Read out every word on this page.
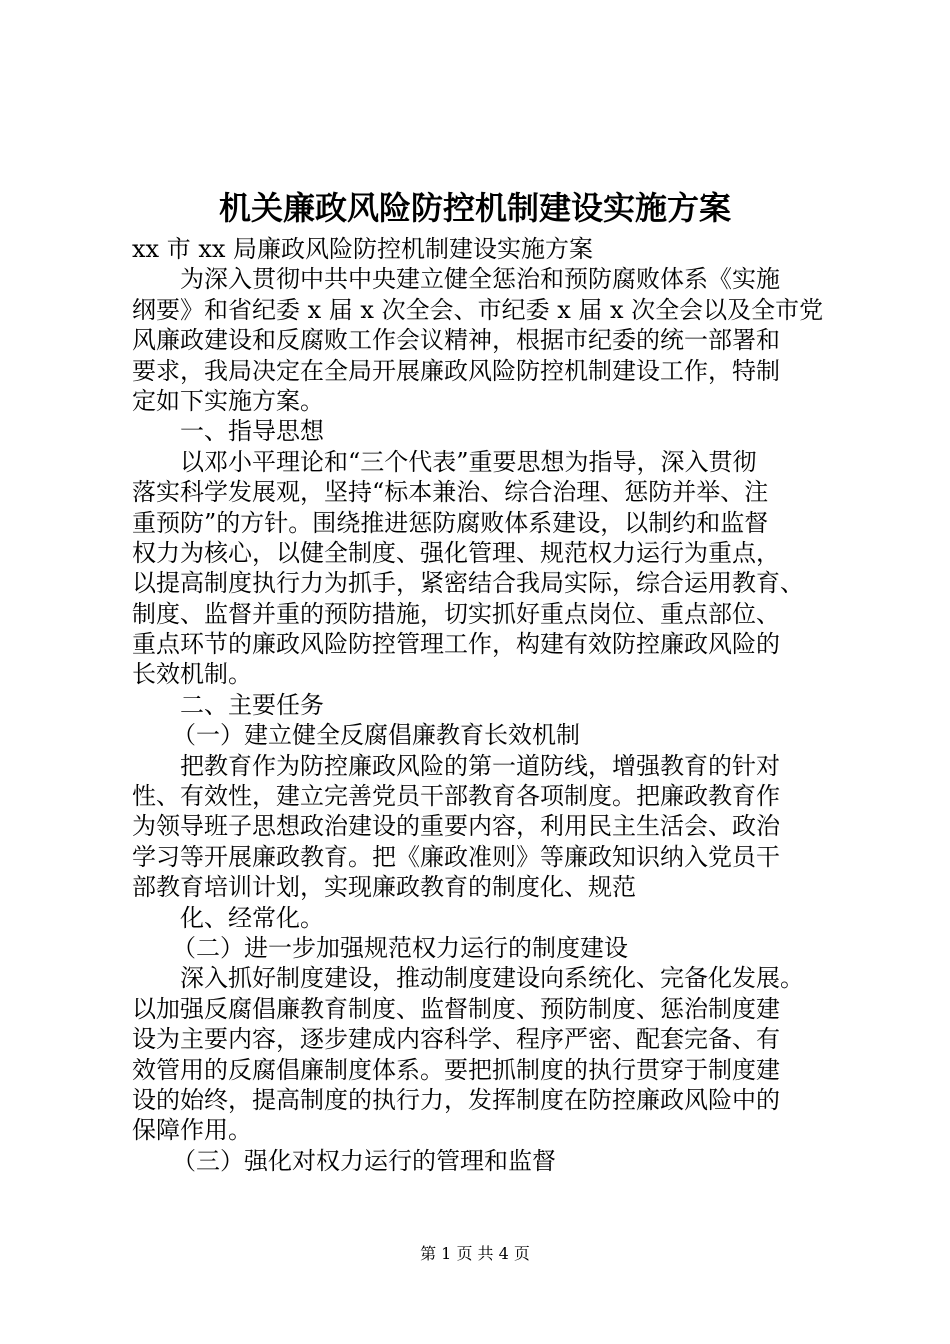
机关廉政风险防控机制建设实施方案
xx 市 xx 局廉政风险防控机制建设实施方案
为深入贯彻中共中央建立健全惩治和预防腐败体系《实施
纲要》和省纪委 x 届 x 次全会、市纪委 x 届 x 次全会以及全市党
风廉政建设和反腐败工作会议精神，根据市纪委的统一部署和
要求，我局决定在全局开展廉政风险防控机制建设工作，特制
定如下实施方案。
一、指导思想
以邓小平理论和“三个代表”重要思想为指导，深入贯彻
落实科学发展观，坚持“标本兼治、综合治理、惩防并举、注
重预防”的方针。围绕推进惩防腐败体系建设，以制约和监督
权力为核心，以健全制度、强化管理、规范权力运行为重点，
以提高制度执行力为抓手，紧密结合我局实际，综合运用教育、
制度、监督并重的预防措施，切实抓好重点岗位、重点部位、
重点环节的廉政风险防控管理工作，构建有效防控廉政风险的
长效机制。
二、主要任务
（一）建立健全反腐倡廉教育长效机制
把教育作为防控廉政风险的第一道防线，增强教育的针对
性、有效性，建立完善党员干部教育各项制度。把廉政教育作
为领导班子思想政治建设的重要内容，利用民主生活会、政治
学习等开展廉政教育。把《廉政准则》等廉政知识纳入党员干
部教育培训计划，实现廉政教育的制度化、规范
化、经常化。
（二）进一步加强规范权力运行的制度建设
深入抓好制度建设，推动制度建设向系统化、完备化发展。
以加强反腐倡廉教育制度、监督制度、预防制度、惩治制度建
设为主要内容，逐步建成内容科学、程序严密、配套完备、有
效管用的反腐倡廉制度体系。要把抓制度的执行贯穿于制度建
设的始终，提高制度的执行力，发挥制度在防控廉政风险中的
保障作用。
（三）强化对权力运行的管理和监督
第 1 页 共 4 页
